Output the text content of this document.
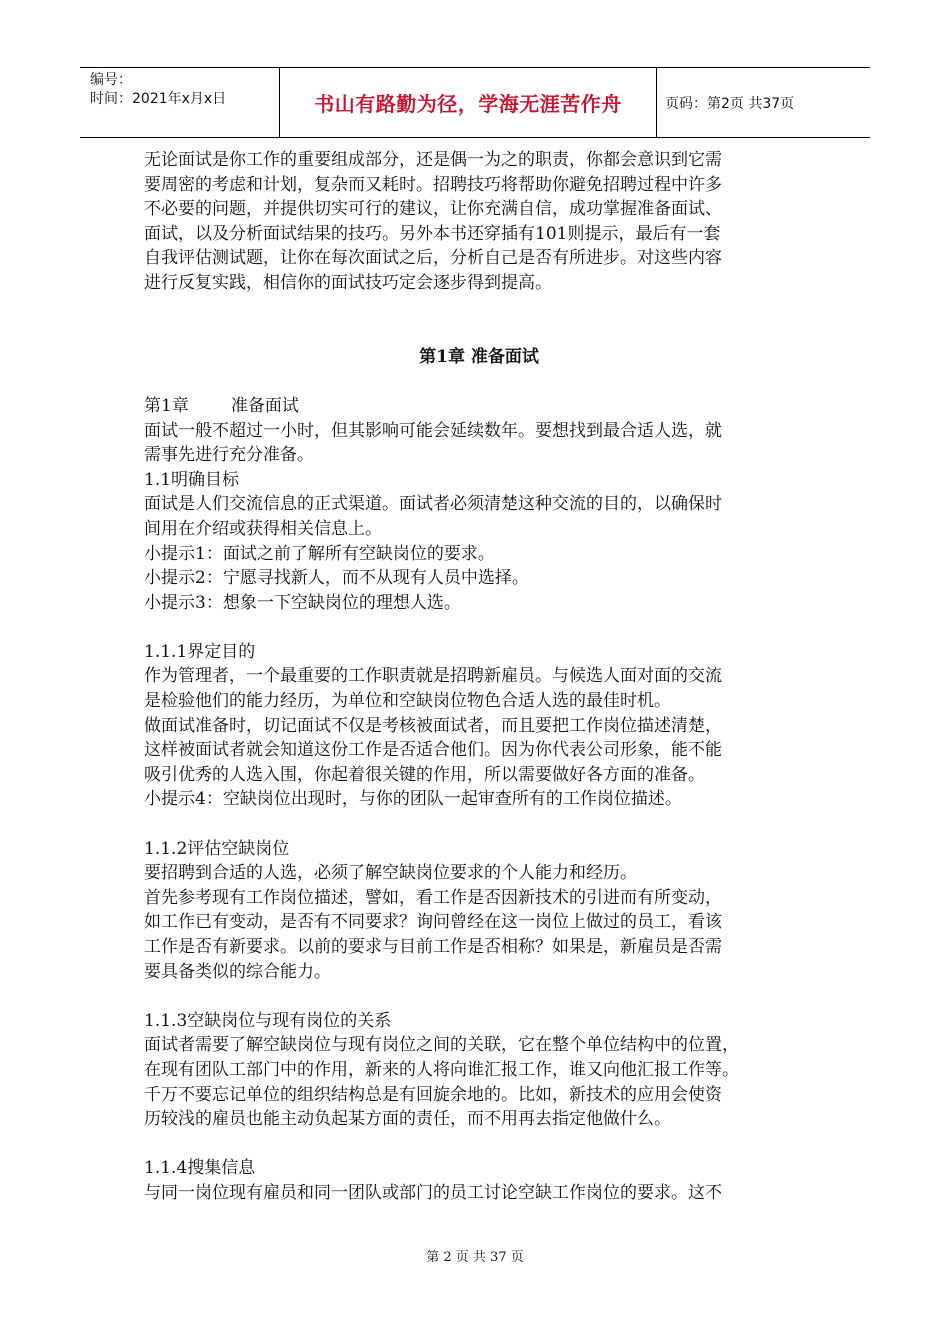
编号：
时间：2021年x月x日	书山有路勤为径，学海无涯苦作舟	页码：第2页 共37页

无论面试是你工作的重要组成部分，还是偶一为之的职责，你都会意识到它需

要周密的考虑和计划，复杂而又耗时。招聘技巧将帮助你避免招聘过程中许多

不必要的问题，并提供切实可行的建议，让你充满自信，成功掌握准备面试、

面试，以及分析面试结果的技巧。另外本书还穿插有101则提示，最后有一套

自我评估测试题，让你在每次面试之后，分析自己是否有所进步。对这些内容

进行反复实践，相信你的面试技巧定会逐步得到提高。

第1章 准备面试

第1章 准备面试

面试一般不超过一小时，但其影响可能会延续数年。要想找到最合适人选，就

需事先进行充分准备。

1.1明确目标

面试是人们交流信息的正式渠道。面试者必须清楚这种交流的目的，以确保时

间用在介绍或获得相关信息上。

小提示1：面试之前了解所有空缺岗位的要求。

小提示2：宁愿寻找新人，而不从现有人员中选择。

小提示3：想象一下空缺岗位的理想人选。

1.1.1界定目的

作为管理者，一个最重要的工作职责就是招聘新雇员。与候选人面对面的交流

是检验他们的能力经历，为单位和空缺岗位物色合适人选的最佳时机。

做面试准备时，切记面试不仅是考核被面试者，而且要把工作岗位描述清楚，

这样被面试者就会知道这份工作是否适合他们。因为你代表公司形象，能不能

吸引优秀的人选入围，你起着很关键的作用，所以需要做好各方面的准备。

小提示4：空缺岗位出现时，与你的团队一起审查所有的工作岗位描述。

1.1.2评估空缺岗位

要招聘到合适的人选，必须了解空缺岗位要求的个人能力和经历。

首先参考现有工作岗位描述，譬如，看工作是否因新技术的引进而有所变动，

如工作已有变动，是否有不同要求？询问曾经在这一岗位上做过的员工，看该

工作是否有新要求。以前的要求与目前工作是否相称？如果是，新雇员是否需

要具备类似的综合能力。

1.1.3空缺岗位与现有岗位的关系

面试者需要了解空缺岗位与现有岗位之间的关联，它在整个单位结构中的位置，

在现有团队工部门中的作用，新来的人将向谁汇报工作，谁又向他汇报工作等。

千万不要忘记单位的组织结构总是有回旋余地的。比如，新技术的应用会使资

历较浅的雇员也能主动负起某方面的责任，而不用再去指定他做什么。

1.1.4搜集信息

与同一岗位现有雇员和同一团队或部门的员工讨论空缺工作岗位的要求。这不

第 2 页 共 37 页
